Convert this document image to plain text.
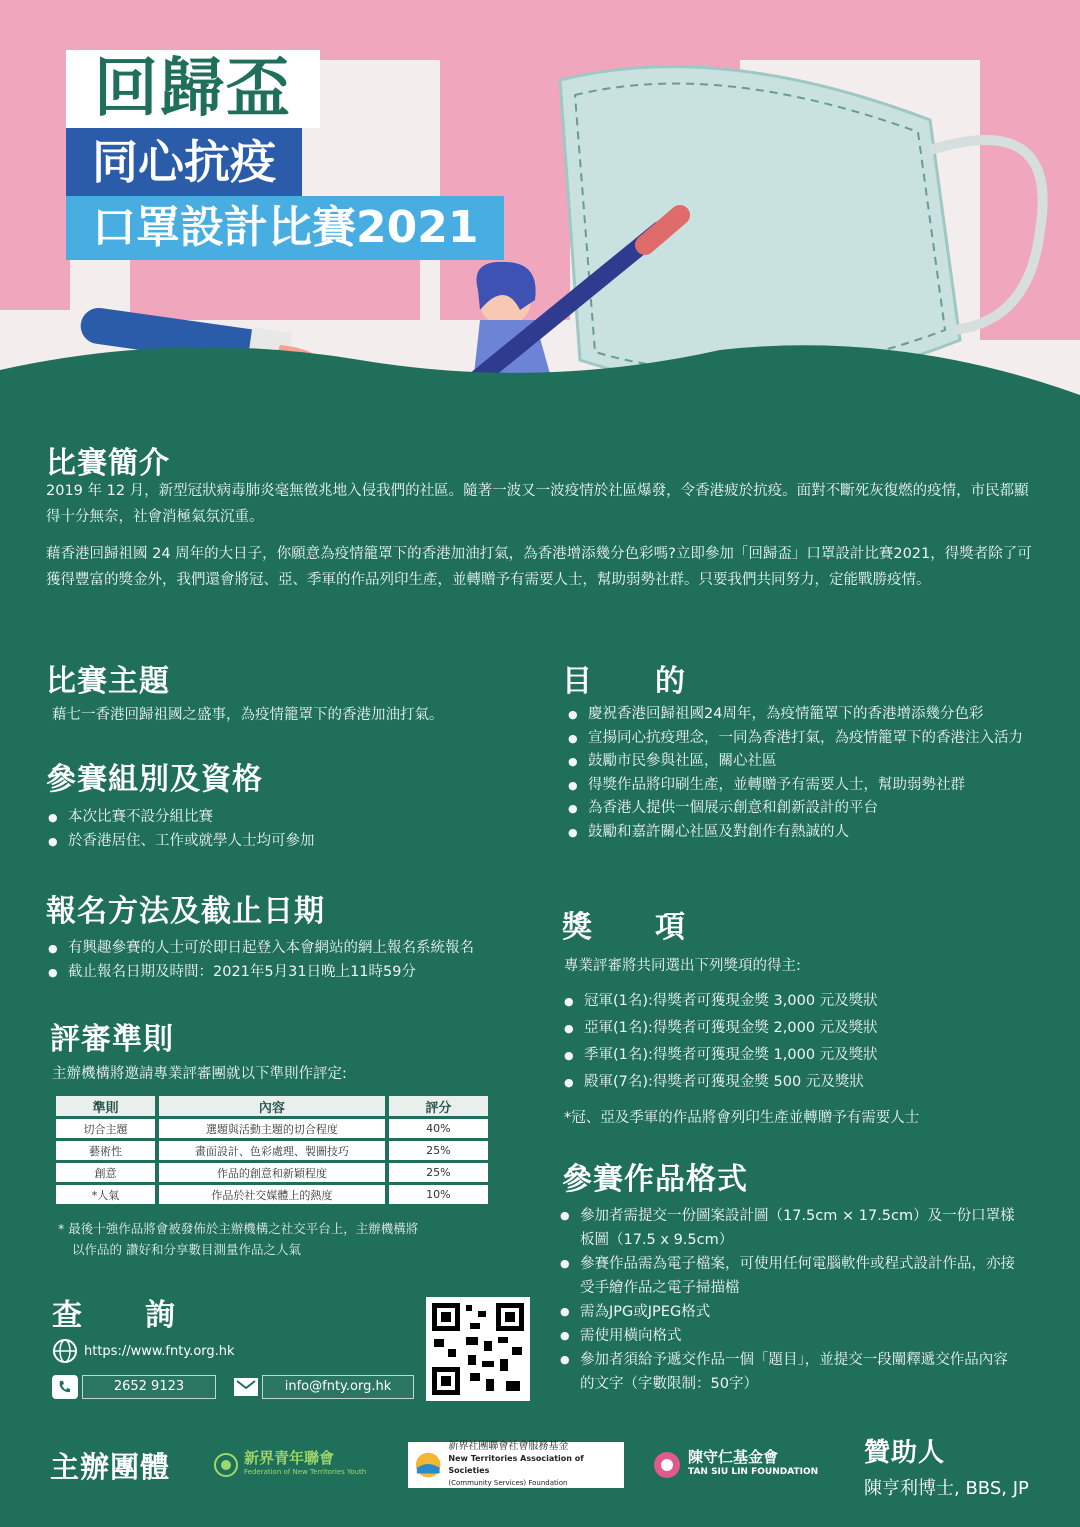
回歸盃
同心抗疫
口罩設計比賽2021
比賽簡介

2019 年 12 月，新型冠狀病毒肺炎毫無徵兆地入侵我們的社區。隨著一波又一波疫情於社區爆發，令香港疲於抗疫。面對不斷死灰復燃的疫情，市民都顯得十分無奈，社會消極氣氛沉重。

藉香港回歸祖國 24 周年的大日子，你願意為疫情籠罩下的香港加油打氣，為香港增添幾分色彩嗎?立即參加「回歸盃」口罩設計比賽2021，得獎者除了可獲得豐富的獎金外，我們還會將冠、亞、季軍的作品列印生產，並轉贈予有需要人士，幫助弱勢社群。只要我們共同努力，定能戰勝疫情。

比賽主題

藉七一香港回歸祖國之盛事，為疫情籠罩下的香港加油打氣。

參賽組別及資格
● 本次比賽不設分組比賽
● 於香港居住、工作或就學人士均可參加
報名方法及截止日期
● 有興趣參賽的人士可於即日起登入本會網站的網上報名系統報名
● 截止報名日期及時間：2021年5月31日晚上11時59分
評審準則

主辦機構將邀請專業評審團就以下準則作評定:

準則	內容	評分
切合主題	選題與活動主題的切合程度	40%
藝術性	畫面設計、色彩處理、製圖技巧	25%
創意	作品的創意和新穎程度	25%
*人氣	作品於社交媒體上的熱度	10%

* 最後十強作品將會被發佈於主辦機構之社交平台上，主辦機構將

以作品的 讚好和分享數目測量作品之人氣

查　　詢
https://www.fnty.org.hk
2652 9123	info@fnty.org.hk
目　　的
● 慶祝香港回歸祖國24周年，為疫情籠罩下的香港增添幾分色彩
● 宣揚同心抗疫理念，一同為香港打氣，為疫情籠罩下的香港注入活力
● 鼓勵市民參與社區，關心社區
● 得獎作品將印刷生產，並轉贈予有需要人士，幫助弱勢社群
● 為香港人提供一個展示創意和創新設計的平台
● 鼓勵和嘉許關心社區及對創作有熱誠的人
獎　　項

專業評審將共同選出下列獎項的得主:

● 冠軍(1名):得獎者可獲現金獎 3,000 元及獎狀
● 亞軍(1名):得獎者可獲現金獎 2,000 元及獎狀
● 季軍(1名):得獎者可獲現金獎 1,000 元及獎狀
● 殿軍(7名):得獎者可獲現金獎 500 元及獎狀

*冠、亞及季軍的作品將會列印生產並轉贈予有需要人士

參賽作品格式
● 參加者需提交一份圖案設計圖（17.5cm × 17.5cm）及一份口罩樣板圖（17.5 x 9.5cm）
● 參賽作品需為電子檔案，可使用任何電腦軟件或程式設計作品，亦接受手繪作品之電子掃描檔
● 需為JPG或JPEG格式
● 需使用橫向格式
● 參加者須給予遞交作品一個「題目」，並提交一段闡釋遞交作品內容的文字（字數限制：50字）
主辦團體	新界青年聯會
Federation of New Territories Youth
新界社團聯會社會服務基金
New Territories Association of Societies
(Community Services) Foundation
陳守仁基金會
TAN SIU LIN FOUNDATION
贊助人
陳亨利博士, BBS, JP
